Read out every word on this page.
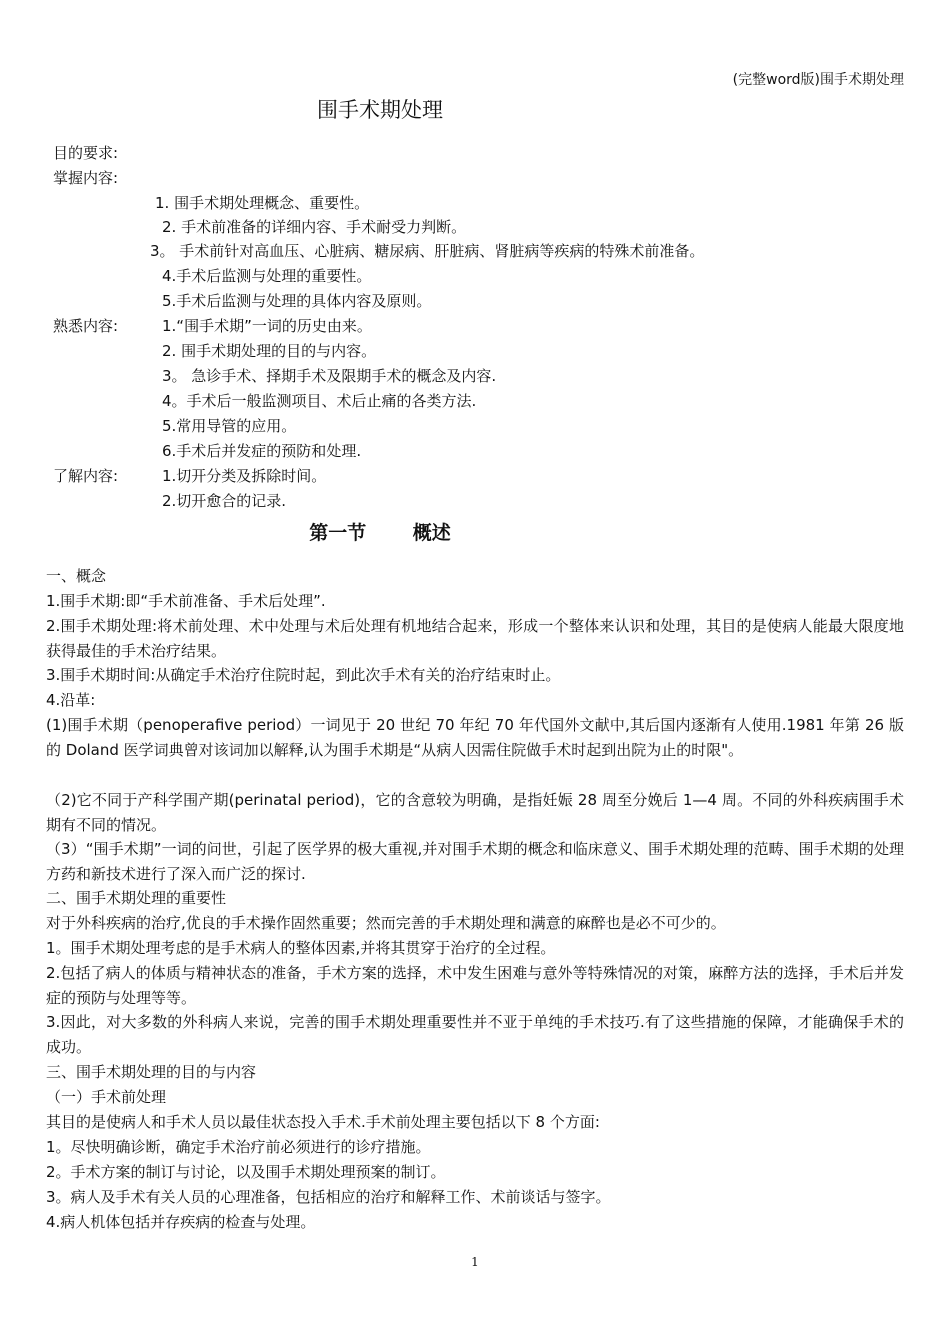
(完整word版)围手术期处理
围手术期处理
目的要求:
掌握内容:
1. 围手术期处理概念、重要性。
2. 手术前准备的详细内容、手术耐受力判断。
3。 手术前针对高血压、心脏病、糖尿病、肝脏病、肾脏病等疾病的特殊术前准备。
4.手术后监测与处理的重要性。
5.手术后监测与处理的具体内容及原则。
熟悉内容:	1.“围手术期”一词的历史由来。
2. 围手术期处理的目的与内容。
3。 急诊手术、择期手术及限期手术的概念及内容.
4。手术后一般监测项目、术后止痛的各类方法.
5.常用导管的应用。
6.手术后并发症的预防和处理.
了解内容:	1.切开分类及拆除时间。
2.切开愈合的记录.
第一节 概述
一、概念
1.围手术期:即“手术前准备、手术后处理”.
2.围手术期处理:将术前处理、术中处理与术后处理有机地结合起来，形成一个整体来认识和处理，其目的是使病人能最大限度地获得最佳的手术治疗结果。
3.围手术期时间:从确定手术治疗住院时起，到此次手术有关的治疗结束时止。
4.沿革:
(1)围手术期（penoperafive period）一词见于 20 世纪 70 年纪 70 年代国外文献中,其后国内逐渐有人使用.1981 年第 26 版的 Doland 医学词典曾对该词加以解释,认为围手术期是“从病人因需住院做手术时起到出院为止的时限"。
（2)它不同于产科学围产期(perinatal period)，它的含意较为明确，是指妊娠 28 周至分娩后 1—4 周。不同的外科疾病围手术期有不同的情况。
（3）“围手术期”一词的问世，引起了医学界的极大重视,并对围手术期的概念和临床意义、围手术期处理的范畴、围手术期的处理方药和新技术进行了深入而广泛的探讨.
二、围手术期处理的重要性
对于外科疾病的治疗,优良的手术操作固然重要；然而完善的手术期处理和满意的麻醉也是必不可少的。
1。围手术期处理考虑的是手术病人的整体因素,并将其贯穿于治疗的全过程。
2.包括了病人的体质与精神状态的准备，手术方案的选择，术中发生困难与意外等特殊情况的对策，麻醉方法的选择，手术后并发症的预防与处理等等。
3.因此，对大多数的外科病人来说，完善的围手术期处理重要性并不亚于单纯的手术技巧.有了这些措施的保障，才能确保手术的成功。
三、围手术期处理的目的与内容
（一）手术前处理
其目的是使病人和手术人员以最佳状态投入手术.手术前处理主要包括以下 8 个方面:
1。尽快明确诊断，确定手术治疗前必须进行的诊疗措施。
2。手术方案的制订与讨论，以及围手术期处理预案的制订。
3。病人及手术有关人员的心理准备，包括相应的治疗和解释工作、术前谈话与签字。
4.病人机体包括并存疾病的检查与处理。
1
